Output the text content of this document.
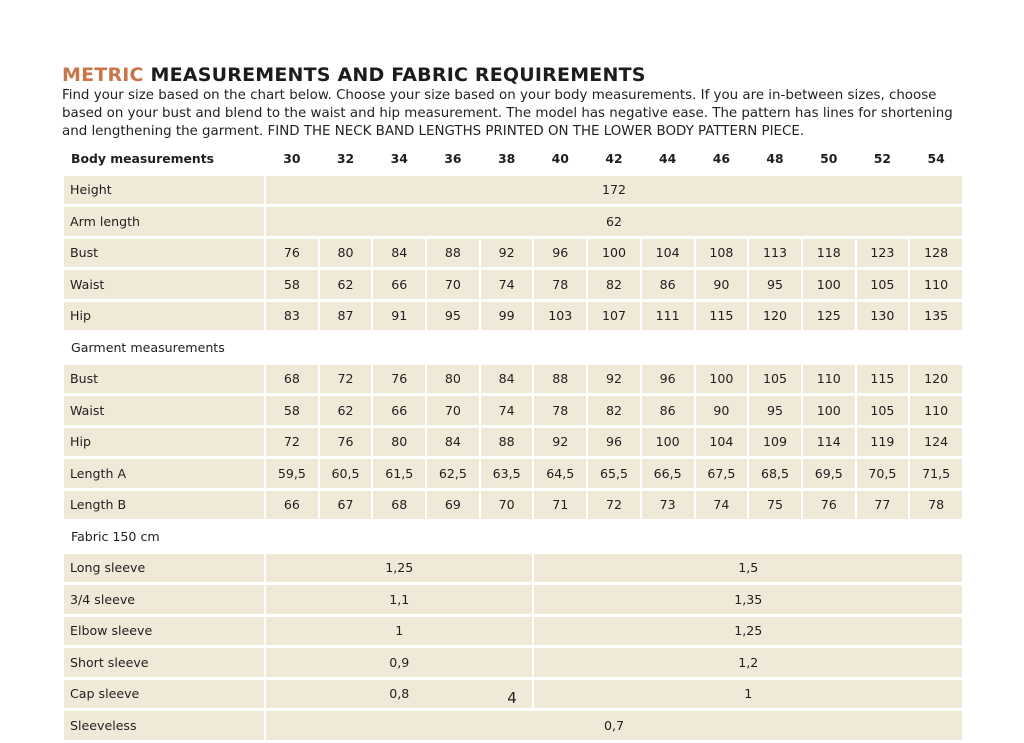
METRIC MEASUREMENTS AND FABRIC REQUIREMENTS
Find your size based on the chart below. Choose your size based on your body measurements. If you are in-between sizes, choose based on your bust and blend to the waist and hip measurement. The model has negative ease. The pattern has lines for shortening and lengthening the garment. FIND THE NECK BAND LENGTHS PRINTED ON THE LOWER BODY PATTERN PIECE.
Body measurements	30	32	34	36	38	40	42	44	46	48	50	52	54
Height	172												
Arm length	62												
Bust	76	80	84	88	92	96	100	104	108	113	118	123	128
Waist	58	62	66	70	74	78	82	86	90	95	100	105	110
Hip	83	87	91	95	99	103	107	111	115	120	125	130	135
Garment measurements													
Bust	68	72	76	80	84	88	92	96	100	105	110	115	120
Waist	58	62	66	70	74	78	82	86	90	95	100	105	110
Hip	72	76	80	84	88	92	96	100	104	109	114	119	124
Length A	59,5	60,5	61,5	62,5	63,5	64,5	65,5	66,5	67,5	68,5	69,5	70,5	71,5
Length B	66	67	68	69	70	71	72	73	74	75	76	77	78
Fabric 150 cm													
Long sleeve	1,25					1,5							
3/4 sleeve	1,1					1,35							
Elbow sleeve	1					1,25							
Short sleeve	0,9					1,2							
Cap sleeve	0,8					1							
Sleeveless	0,7												
4
